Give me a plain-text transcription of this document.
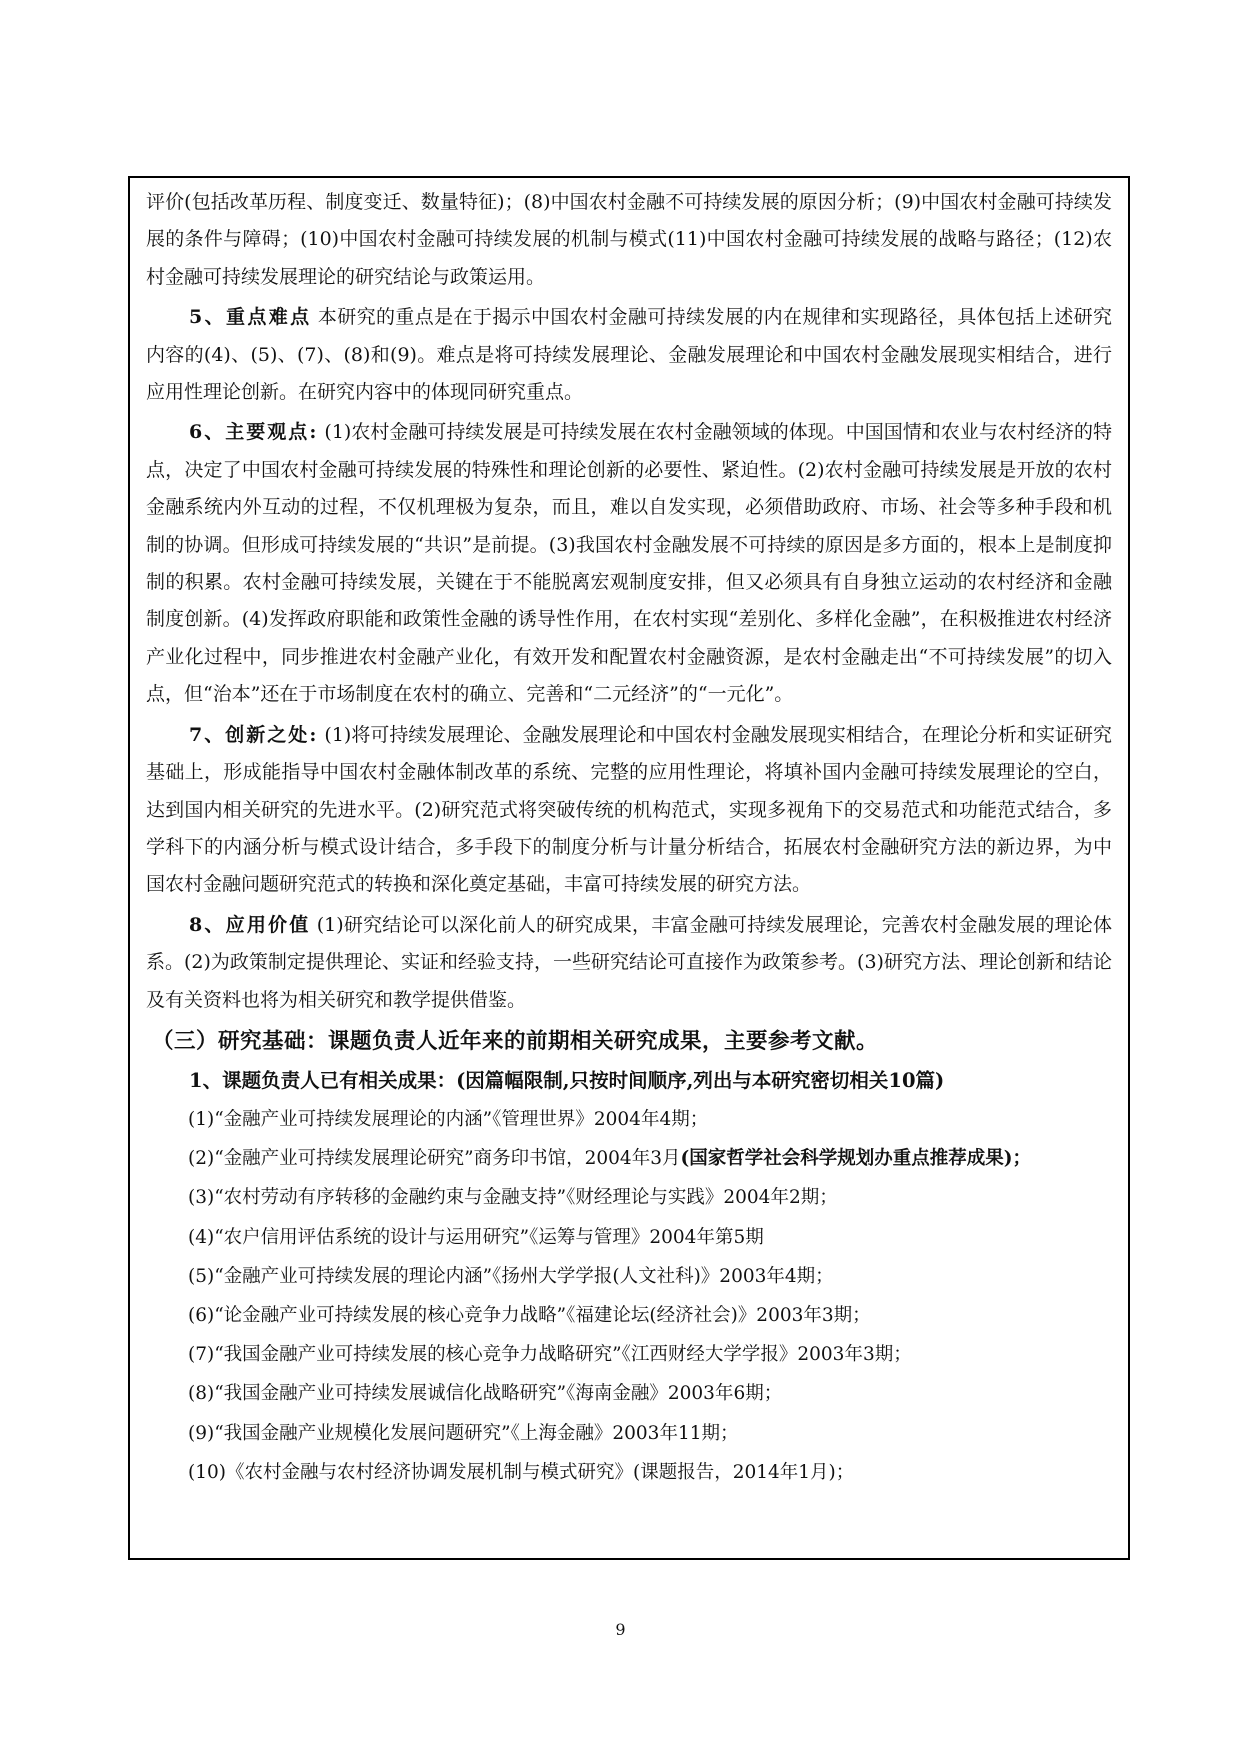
评价(包括改革历程、制度变迁、数量特征)；(8)中国农村金融不可持续发展的原因分析；(9)中国农村金融可持续发展的条件与障碍；(10)中国农村金融可持续发展的机制与模式(11)中国农村金融可持续发展的战略与路径；(12)农村金融可持续发展理论的研究结论与政策运用。

5、重点难点 本研究的重点是在于揭示中国农村金融可持续发展的内在规律和实现路径，具体包括上述研究内容的(4)、(5)、(7)、(8)和(9)。难点是将可持续发展理论、金融发展理论和中国农村金融发展现实相结合，进行应用性理论创新。在研究内容中的体现同研究重点。

6、主要观点: (1)农村金融可持续发展是可持续发展在农村金融领域的体现。中国国情和农业与农村经济的特点，决定了中国农村金融可持续发展的特殊性和理论创新的必要性、紧迫性。(2)农村金融可持续发展是开放的农村金融系统内外互动的过程，不仅机理极为复杂，而且，难以自发实现，必须借助政府、市场、社会等多种手段和机制的协调。但形成可持续发展的“共识”是前提。(3)我国农村金融发展不可持续的原因是多方面的，根本上是制度抑制的积累。农村金融可持续发展，关键在于不能脱离宏观制度安排，但又必须具有自身独立运动的农村经济和金融制度创新。(4)发挥政府职能和政策性金融的诱导性作用，在农村实现“差别化、多样化金融”，在积极推进农村经济产业化过程中，同步推进农村金融产业化，有效开发和配置农村金融资源，是农村金融走出“不可持续发展”的切入点，但“治本”还在于市场制度在农村的确立、完善和“二元经济”的“一元化”。

7、创新之处: (1)将可持续发展理论、金融发展理论和中国农村金融发展现实相结合，在理论分析和实证研究基础上，形成能指导中国农村金融体制改革的系统、完整的应用性理论，将填补国内金融可持续发展理论的空白，达到国内相关研究的先进水平。(2)研究范式将突破传统的机构范式，实现多视角下的交易范式和功能范式结合，多学科下的内涵分析与模式设计结合，多手段下的制度分析与计量分析结合，拓展农村金融研究方法的新边界，为中国农村金融问题研究范式的转换和深化奠定基础，丰富可持续发展的研究方法。

8、应用价值 (1)研究结论可以深化前人的研究成果，丰富金融可持续发展理论，完善农村金融发展的理论体系。(2)为政策制定提供理论、实证和经验支持，一些研究结论可直接作为政策参考。(3)研究方法、理论创新和结论及有关资料也将为相关研究和教学提供借鉴。

（三）研究基础：课题负责人近年来的前期相关研究成果，主要参考文献。
1、课题负责人已有相关成果：(因篇幅限制,只按时间顺序,列出与本研究密切相关10篇)
(1)“金融产业可持续发展理论的内涵”《管理世界》2004年4期；
(2)“金融产业可持续发展理论研究”商务印书馆，2004年3月(国家哲学社会科学规划办重点推荐成果)；
(3)“农村劳动有序转移的金融约束与金融支持”《财经理论与实践》2004年2期；
(4)“农户信用评估系统的设计与运用研究”《运筹与管理》2004年第5期
(5)“金融产业可持续发展的理论内涵”《扬州大学学报(人文社科)》2003年4期；
(6)“论金融产业可持续发展的核心竞争力战略”《福建论坛(经济社会)》2003年3期；
(7)“我国金融产业可持续发展的核心竞争力战略研究”《江西财经大学学报》2003年3期；
(8)“我国金融产业可持续发展诚信化战略研究”《海南金融》2003年6期；
(9)“我国金融产业规模化发展问题研究”《上海金融》2003年11期；
(10)《农村金融与农村经济协调发展机制与模式研究》(课题报告，2014年1月)；
9
